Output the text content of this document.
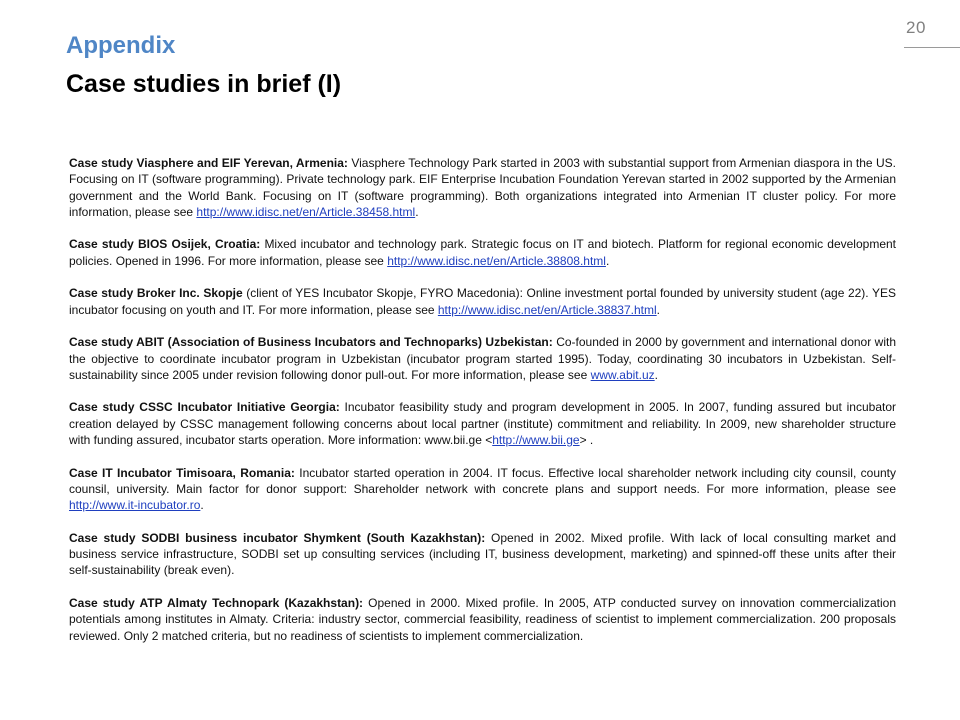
20
Appendix
Case studies in brief (I)

Case study Viasphere and EIF Yerevan, Armenia: Viasphere Technology Park started in 2003 with substantial support from Armenian diaspora in the US. Focusing on IT (software programming). Private technology park. EIF Enterprise Incubation Foundation Yerevan started in 2002 supported by the Armenian government and the World Bank. Focusing on IT (software programming). Both organizations integrated into Armenian IT cluster policy. For more information, please see http://www.idisc.net/en/Article.38458.html.

Case study BIOS Osijek, Croatia: Mixed incubator and technology park. Strategic focus on IT and biotech. Platform for regional economic development policies. Opened in 1996. For more information, please see http://www.idisc.net/en/Article.38808.html.

Case study Broker Inc. Skopje (client of YES Incubator Skopje, FYRO Macedonia): Online investment portal founded by university student (age 22). YES incubator focusing on youth and IT. For more information, please see http://www.idisc.net/en/Article.38837.html.

Case study ABIT (Association of Business Incubators and Technoparks) Uzbekistan: Co-founded in 2000 by government and international donor with the objective to coordinate incubator program in Uzbekistan (incubator program started 1995). Today, coordinating 30 incubators in Uzbekistan. Self-sustainability since 2005 under revision following donor pull-out. For more information, please see www.abit.uz.

Case study CSSC Incubator Initiative Georgia: Incubator feasibility study and program development in 2005. In 2007, funding assured but incubator creation delayed by CSSC management following concerns about local partner (institute) commitment and reliability. In 2009, new shareholder structure with funding assured, incubator starts operation. More information: www.bii.ge <http://www.bii.ge> .

Case IT Incubator Timisoara, Romania: Incubator started operation in 2004. IT focus. Effective local shareholder network including city counsil, county counsil, university. Main factor for donor support: Shareholder network with concrete plans and support needs. For more information, please see http://www.it-incubator.ro.

Case study SODBI business incubator Shymkent (South Kazakhstan): Opened in 2002. Mixed profile. With lack of local consulting market and business service infrastructure, SODBI set up consulting services (including IT, business development, marketing) and spinned-off these units after their self-sustainability (break even).

Case study ATP Almaty Technopark (Kazakhstan): Opened in 2000. Mixed profile. In 2005, ATP conducted survey on innovation commercialization potentials among institutes in Almaty. Criteria: industry sector, commercial feasibility, readiness of scientist to implement commercialization. 200 proposals reviewed. Only 2 matched criteria, but no readiness of scientists to implement commercialization.
